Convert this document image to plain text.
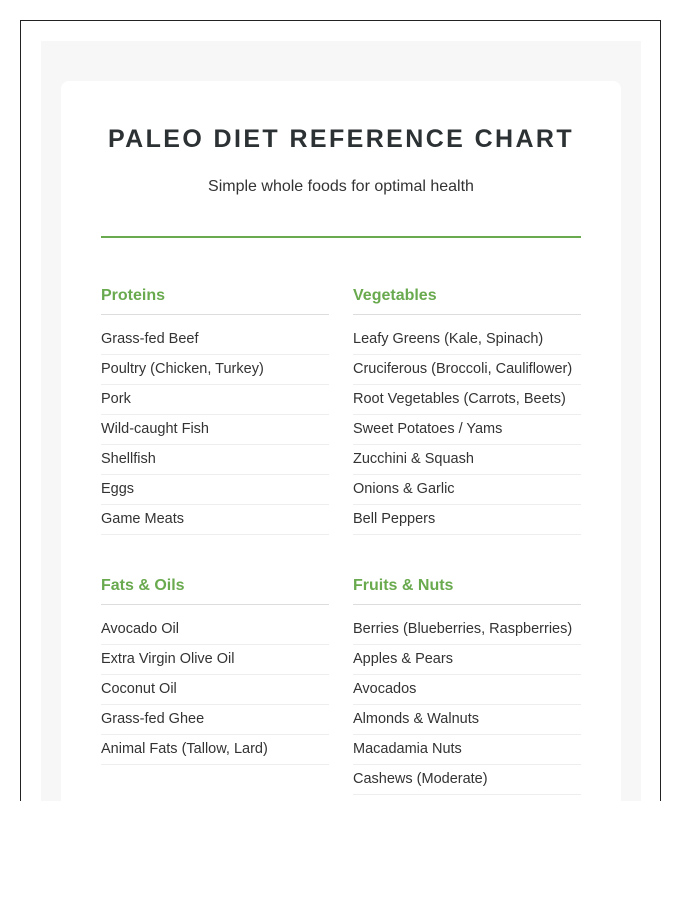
PALEO DIET REFERENCE CHART

Simple whole foods for optimal health

Proteins
Grass-fed Beef
Poultry (Chicken, Turkey)
Pork
Wild-caught Fish
Shellfish
Eggs
Game Meats
Vegetables
Leafy Greens (Kale, Spinach)
Cruciferous (Broccoli, Cauliflower)
Root Vegetables (Carrots, Beets)
Sweet Potatoes / Yams
Zucchini & Squash
Onions & Garlic
Bell Peppers
Fats & Oils
Avocado Oil
Extra Virgin Olive Oil
Coconut Oil
Grass-fed Ghee
Animal Fats (Tallow, Lard)
Fruits & Nuts
Berries (Blueberries, Raspberries)
Apples & Pears
Avocados
Almonds & Walnuts
Macadamia Nuts
Cashews (Moderate)
